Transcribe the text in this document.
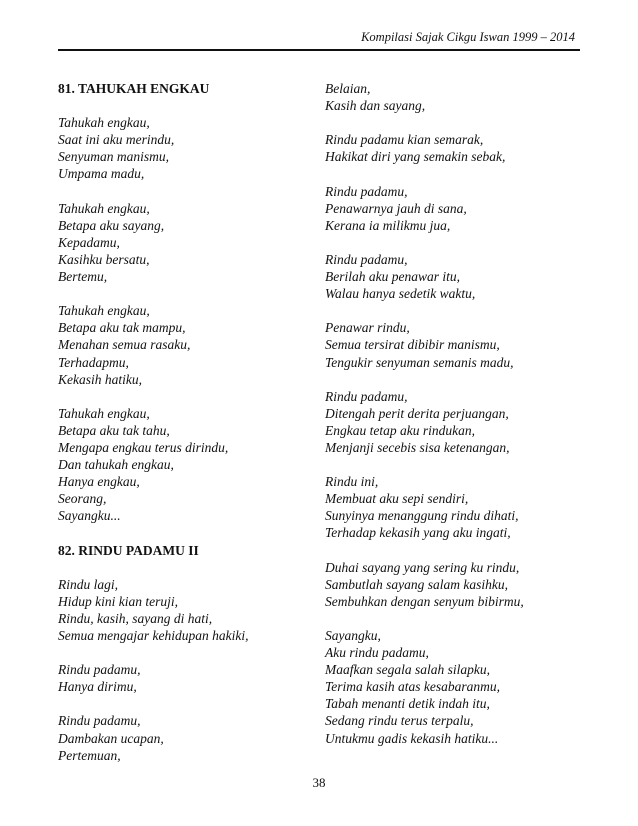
Kompilasi Sajak Cikgu Iswan 1999 – 2014
81. TAHUKAH ENGKAU
Tahukah engkau,
Saat ini aku merindu,
Senyuman manismu,
Umpama madu,
Tahukah engkau,
Betapa aku sayang,
Kepadamu,
Kasihku bersatu,
Bertemu,
Tahukah engkau,
Betapa aku tak mampu,
Menahan semua rasaku,
Terhadapmu,
Kekasih hatiku,
Tahukah engkau,
Betapa aku tak tahu,
Mengapa engkau terus dirindu,
Dan tahukah engkau,
Hanya engkau,
Seorang,
Sayangku...
82. RINDU PADAMU II
Rindu lagi,
Hidup kini kian teruji,
Rindu, kasih, sayang di hati,
Semua mengajar kehidupan hakiki,
Rindu padamu,
Hanya dirimu,
Rindu padamu,
Dambakan ucapan,
Pertemuan,
Belaian,
Kasih dan sayang,
Rindu padamu kian semarak,
Hakikat diri yang semakin sebak,
Rindu padamu,
Penawarnya jauh di sana,
Kerana ia milikmu jua,
Rindu padamu,
Berilah aku penawar itu,
Walau hanya sedetik waktu,
Penawar rindu,
Semua tersirat dibibir manismu,
Tengukir senyuman semanis madu,
Rindu padamu,
Ditengah perit derita perjuangan,
Engkau tetap aku rindukan,
Menjanji secebis sisa ketenangan,
Rindu ini,
Membuat aku sepi sendiri,
Sunyinya menanggung rindu dihati,
Terhadap kekasih yang aku ingati,
Duhai sayang yang sering ku rindu,
Sambutlah sayang salam kasihku,
Sembuhkan dengan senyum bibirmu,
Sayangku,
Aku rindu padamu,
Maafkan segala salah silapku,
Terima kasih atas kesabaranmu,
Tabah menanti detik indah itu,
Sedang rindu terus terpalu,
Untukmu gadis kekasih hatiku...
38
